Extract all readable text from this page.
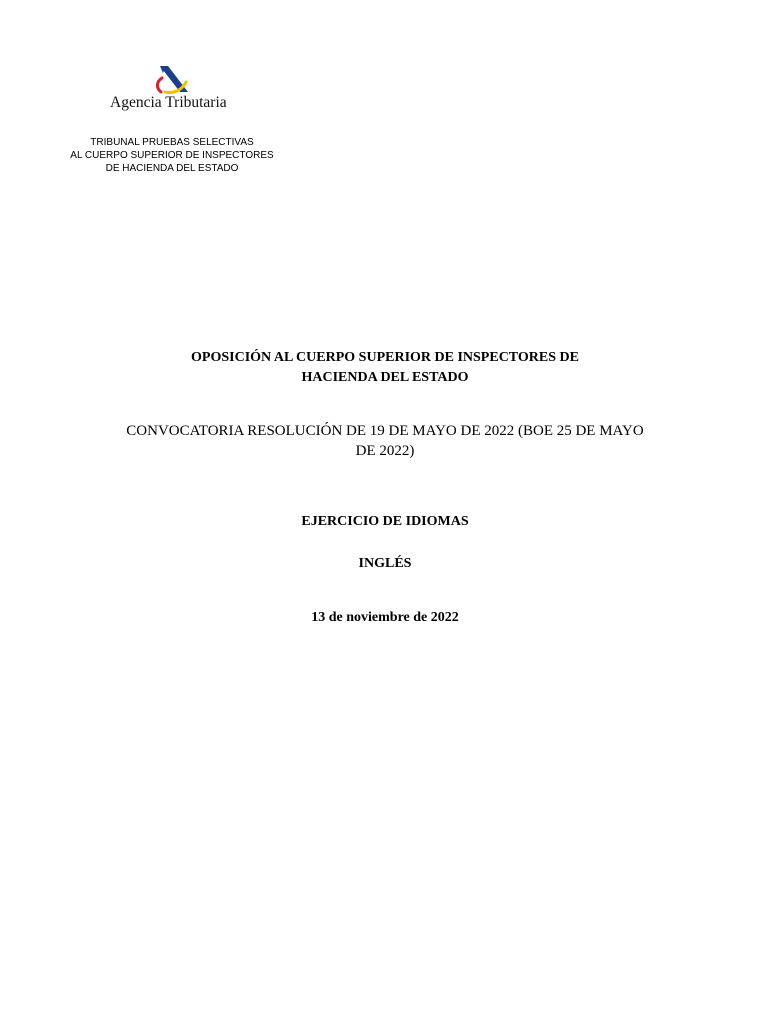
Agencia Tributaria
TRIBUNAL PRUEBAS SELECTIVAS
AL CUERPO SUPERIOR DE INSPECTORES
DE HACIENDA DEL ESTADO
OPOSICIÓN AL CUERPO SUPERIOR DE INSPECTORES DE
HACIENDA DEL ESTADO
CONVOCATORIA RESOLUCIÓN DE 19 DE MAYO DE 2022 (BOE 25 DE MAYO
DE 2022)
EJERCICIO DE IDIOMAS
INGLÉS
13 de noviembre de 2022
